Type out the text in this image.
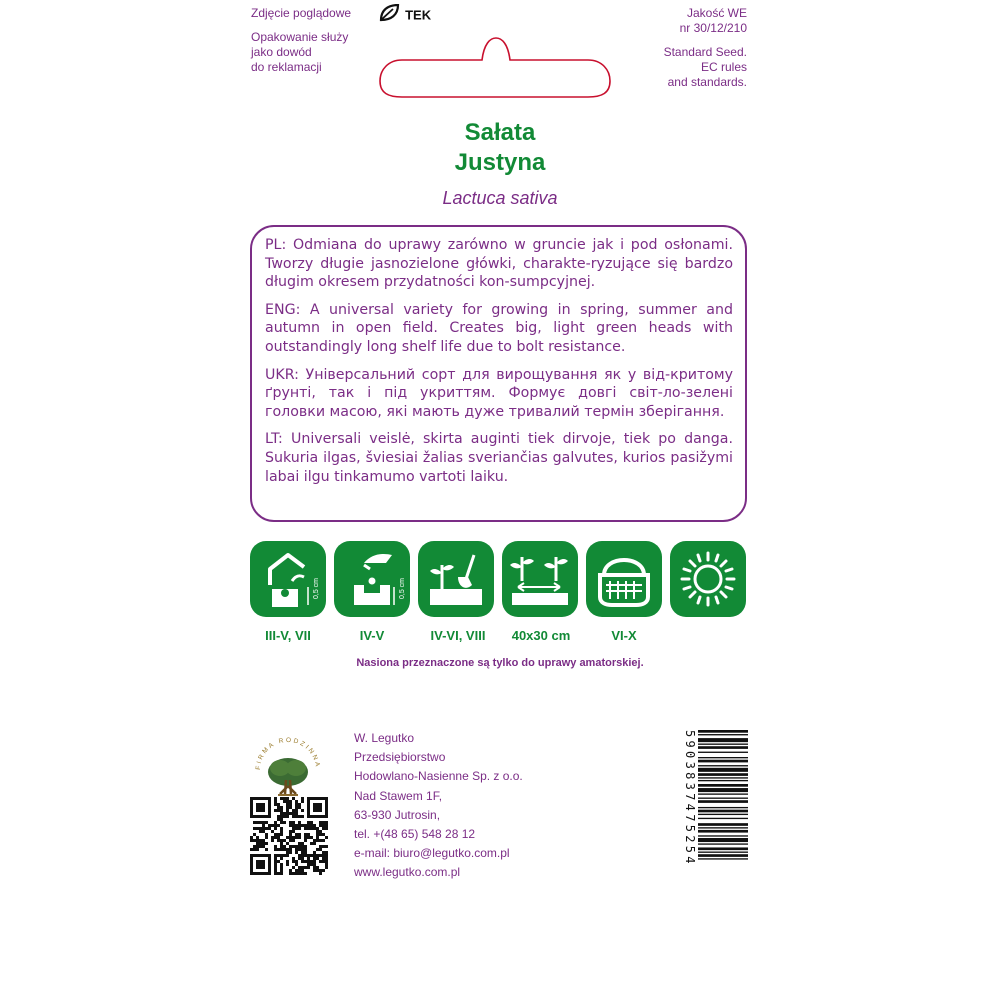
Zdjęcie poglądowe
Opakowanie służy
jako dowód
do reklamacji
TEK	Jakość WE
nr 30/12/210
Standard Seed.
EC rules
and standards.
Sałata
Justyna
Lactuca sativa

PL: Odmiana do uprawy zarówno w gruncie jak i pod osłonami. Tworzy długie jasnozielone główki, charakte-ryzujące się bardzo długim okresem przydatności kon-sumpcyjnej.

ENG: A universal variety for growing in spring, summer and autumn in open field. Creates big, light green heads with outstandingly long shelf life due to bolt resistance.

UKR: Універсальний сорт для вирощування як у від-критому ґрунті, так і під укриттям. Формує довгі світ-ло-зелені головки масою, які мають дуже тривалий термін зберігання.

LT: Universali veislė, skirta auginti tiek dirvoje, tiek po danga. Sukuria ilgas, šviesiai žalias sveriančias galvutes, kurios pasižymi labai ilgu tinkamumo vartoti laiku.

0,5 cm	0,5 cm
III-V, VII	IV-V	IV-VI, VIII	40x30 cm	VI-X
Nasiona przeznaczone są tylko do uprawy amatorskiej.
FIRMA RODZINNA
W. Legutko
Przedsiębiorstwo
Hodowlano-Nasienne Sp. z o.o.
Nad Stawem 1F,
63-930 Jutrosin,
tel. +(48 65) 548 28 12
e-mail: biuro@legutko.com.pl
www.legutko.com.pl
5903837475254
